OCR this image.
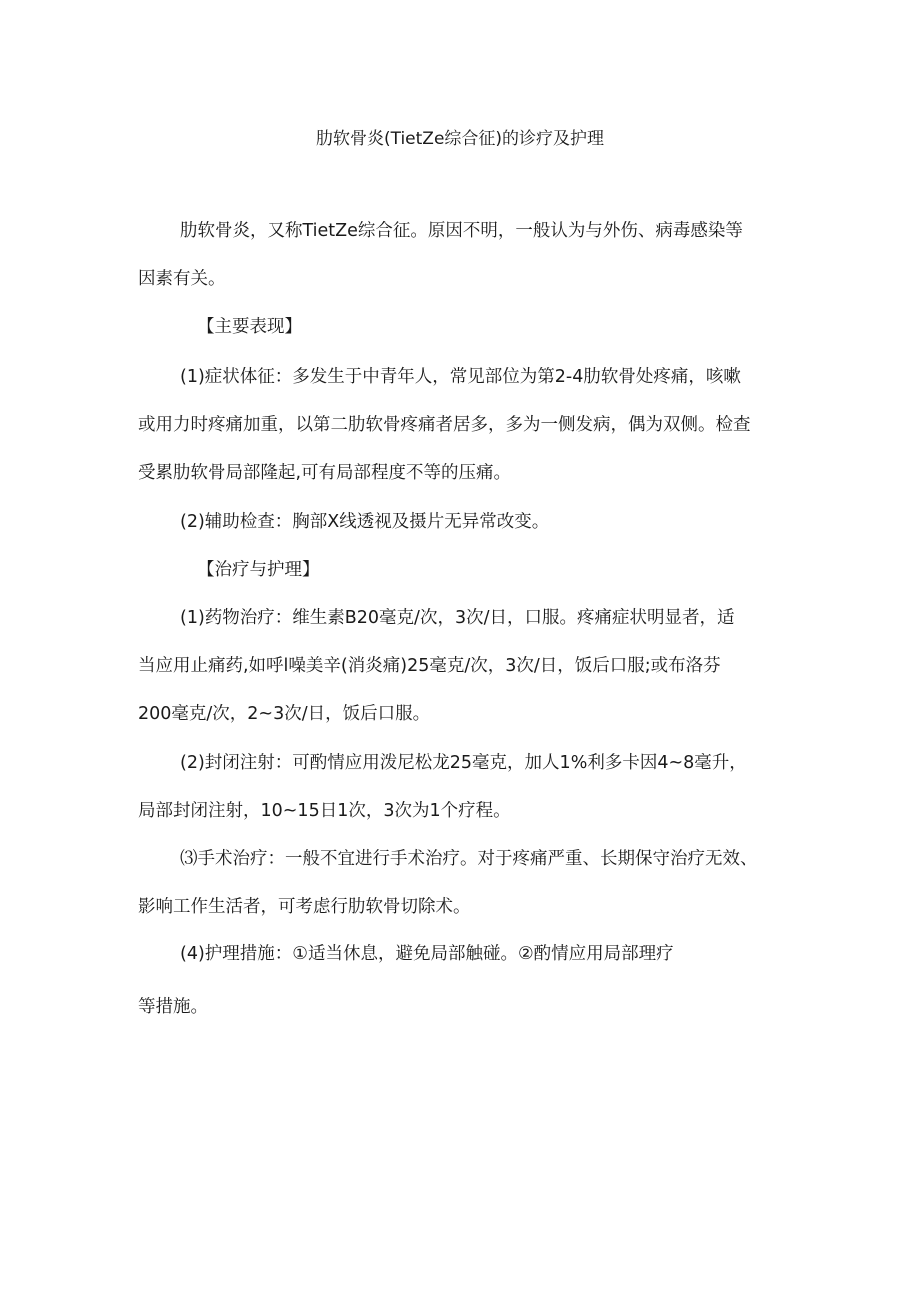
肋软骨炎(TietZe综合征)的诊疗及护理
肋软骨炎，又称TietZe综合征。原因不明，一般认为与外伤、病毒感染等
因素有关。
【主要表现】
(1)症状体征：多发生于中青年人，常见部位为第2-4肋软骨处疼痛，咳嗽
或用力时疼痛加重，以第二肋软骨疼痛者居多，多为一侧发病，偶为双侧。检查
受累肋软骨局部隆起,可有局部程度不等的压痛。
(2)辅助检查：胸部X线透视及摄片无异常改变。
【治疗与护理】
(1)药物治疗：维生素B20毫克/次，3次/日，口服。疼痛症状明显者，适
当应用止痛药,如呼l噪美辛(消炎痛)25毫克/次，3次/日，饭后口服;或布洛芬
200毫克/次，2~3次/日，饭后口服。
(2)封闭注射：可酌情应用泼尼松龙25毫克，加人1%利多卡因4~8毫升，
局部封闭注射，10~15日1次，3次为1个疗程。
⑶手术治疗：一般不宜进行手术治疗。对于疼痛严重、长期保守治疗无效、
影响工作生活者，可考虑行肋软骨切除术。
(4)护理措施：①适当休息，避免局部触碰。②酌情应用局部理疗
等措施。
